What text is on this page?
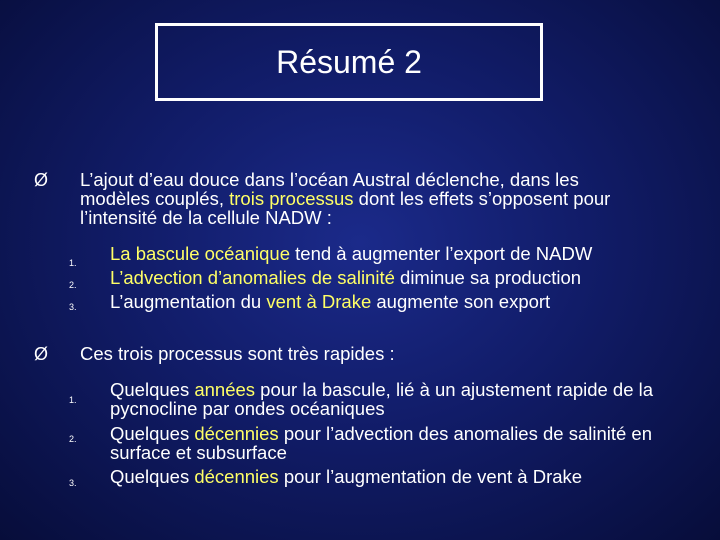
Résumé 2
Ø L’ajout d’eau douce dans l’océan Austral déclenche, dans les modèles couplés, trois processus dont les effets s’opposent pour l’intensité de la cellule NADW :
1. La bascule océanique tend à augmenter l’export de NADW
2. L’advection d’anomalies de salinité diminue sa production
3. L’augmentation du vent à Drake augmente son export
Ø Ces trois processus sont très rapides :
1. Quelques années pour la bascule, lié à un ajustement rapide de la pycnocline par ondes océaniques
2. Quelques décennies pour l’advection des anomalies de salinité en surface et subsurface
3. Quelques décennies pour l’augmentation de vent à Drake
